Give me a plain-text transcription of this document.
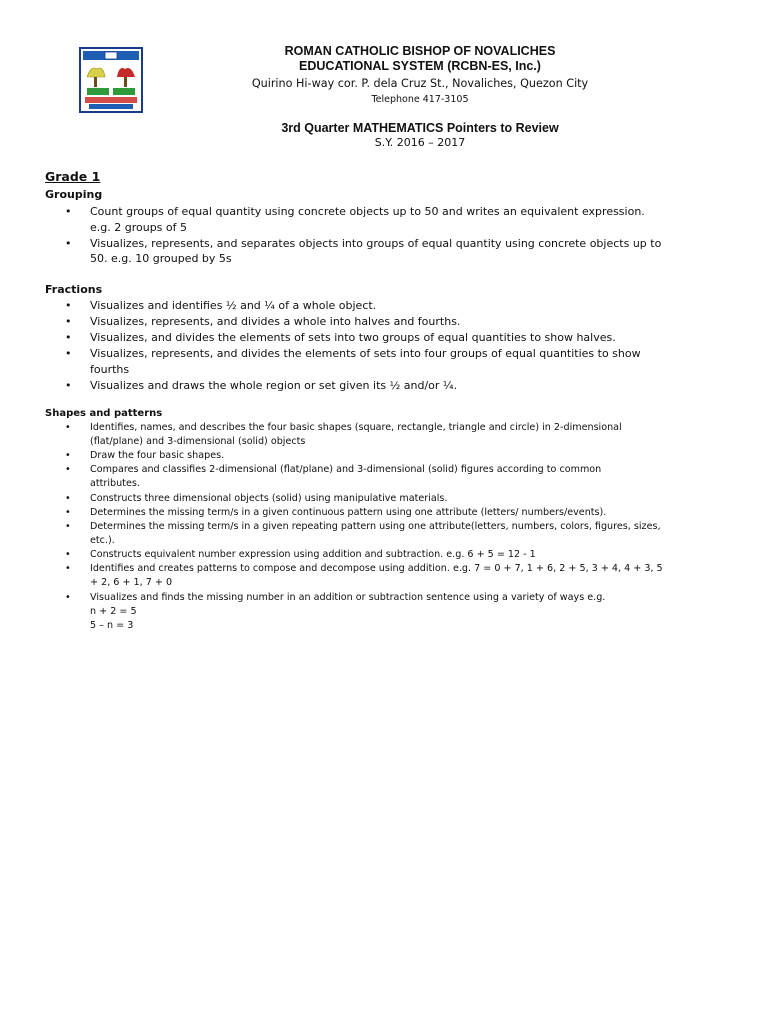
ROMAN CATHOLIC BISHOP OF NOVALICHES
EDUCATIONAL SYSTEM (RCBN-ES, Inc.)
Quirino Hi-way cor. P. dela Cruz St., Novaliches, Quezon City
Telephone 417-3105
3rd Quarter MATHEMATICS Pointers to Review
S.Y. 2016 – 2017
Grade 1
Grouping
• Count groups of equal quantity using concrete objects up to 50 and writes an equivalent expression.
e.g. 2 groups of 5
• Visualizes, represents, and separates objects into groups of equal quantity using concrete objects up to
50. e.g. 10 grouped by 5s
Fractions
• Visualizes and identifies ½ and ¼ of a whole object.
• Visualizes, represents, and divides a whole into halves and fourths.
• Visualizes, and divides the elements of sets into two groups of equal quantities to show halves.
• Visualizes, represents, and divides the elements of sets into four groups of equal quantities to show
fourths
• Visualizes and draws the whole region or set given its ½ and/or ¼.
Shapes and patterns
• Identifies, names, and describes the four basic shapes (square, rectangle, triangle and circle) in 2-dimensional
(flat/plane) and 3-dimensional (solid) objects
• Draw the four basic shapes.
• Compares and classifies 2-dimensional (flat/plane) and 3-dimensional (solid) figures according to common
attributes.
• Constructs three dimensional objects (solid) using manipulative materials.
• Determines the missing term/s in a given continuous pattern using one attribute (letters/ numbers/events).
• Determines the missing term/s in a given repeating pattern using one attribute(letters, numbers, colors, figures, sizes,
etc.).
• Constructs equivalent number expression using addition and subtraction. e.g. 6 + 5 = 12 - 1
• Identifies and creates patterns to compose and decompose using addition. e.g. 7 = 0 + 7, 1 + 6, 2 + 5, 3 + 4, 4 + 3, 5
+ 2, 6 + 1, 7 + 0
• Visualizes and finds the missing number in an addition or subtraction sentence using a variety of ways e.g.
n + 2 = 5
5 – n = 3
